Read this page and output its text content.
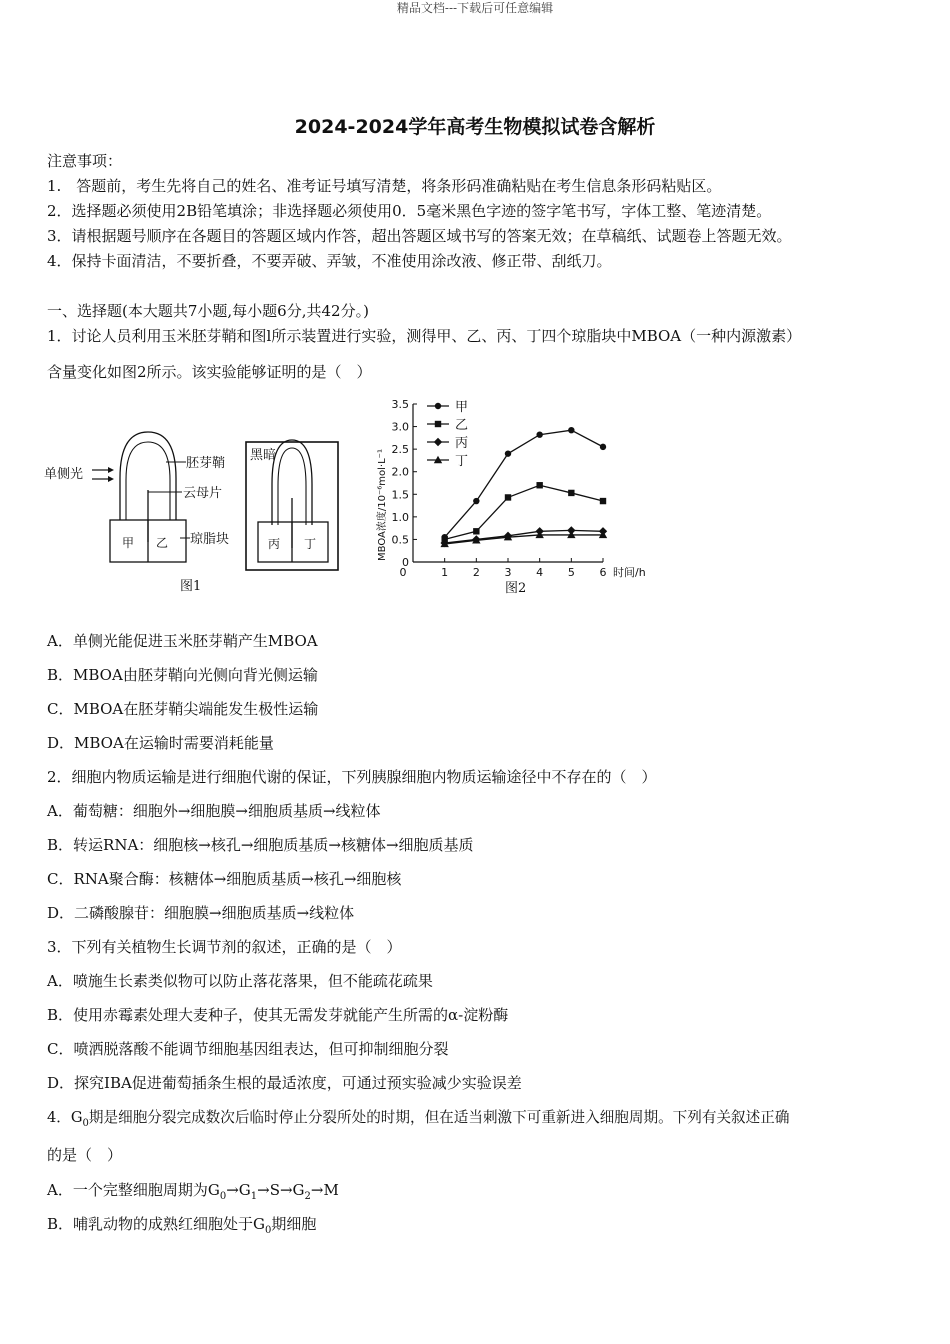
精品文档---下载后可任意编辑
2024-2024学年高考生物模拟试卷含解析
注意事项：
1.　答题前，考生先将自己的姓名、准考证号填写清楚，将条形码准确粘贴在考生信息条形码粘贴区。
2．选择题必须使用2B铅笔填涂；非选择题必须使用0．5毫米黑色字迹的签字笔书写，字体工整、笔迹清楚。
3．请根据题号顺序在各题目的答题区域内作答，超出答题区域书写的答案无效；在草稿纸、试题卷上答题无效。
4．保持卡面清洁，不要折叠，不要弄破、弄皱，不准使用涂改液、修正带、刮纸刀。
一、选择题(本大题共7小题,每小题6分,共42分。)
1．讨论人员利用玉米胚芽鞘和图l所示装置进行实验，测得甲、乙、丙、丁四个琼脂块中MBOA（一种内源激素）
含量变化如图2所示。该实验能够证明的是（　）
单侧光
甲 乙
胚芽鞘
云母片
琼脂块
黑暗
丙 丁
图1
0
0.5
1.0
1.5
2.0
2.5
3.0
3.5
0	1 2 3 4 5 6
甲
乙
丙
丁
MBOA浓度/10⁻⁶mol·L⁻¹
时间/h
图2
A．单侧光能促进玉米胚芽鞘产生MBOA
B．MBOA由胚芽鞘向光侧向背光侧运输
C．MBOA在胚芽鞘尖端能发生极性运输
D．MBOA在运输时需要消耗能量
2．细胞内物质运输是进行细胞代谢的保证，下列胰腺细胞内物质运输途径中不存在的（　）
A．葡萄糖：细胞外→细胞膜→细胞质基质→线粒体
B．转运RNA：细胞核→核孔→细胞质基质→核糖体→细胞质基质
C．RNA聚合酶：核糖体→细胞质基质→核孔→细胞核
D．二磷酸腺苷：细胞膜→细胞质基质→线粒体
3．下列有关植物生长调节剂的叙述，正确的是（　）
A．喷施生长素类似物可以防止落花落果，但不能疏花疏果
B．使用赤霉素处理大麦种子，使其无需发芽就能产生所需的α-淀粉酶
C．喷洒脱落酸不能调节细胞基因组表达，但可抑制细胞分裂
D．探究IBA促进葡萄插条生根的最适浓度，可通过预实验减少实验误差
4．$G_0$期是细胞分裂完成数次后临时停止分裂所处的时期，但在适当刺激下可重新进入细胞周期。下列有关叙述正确
的是（　）
A．一个完整细胞周期为$G_0\to G_1\to S\to G_2\to M$
B．哺乳动物的成熟红细胞处于$G_0$期细胞
